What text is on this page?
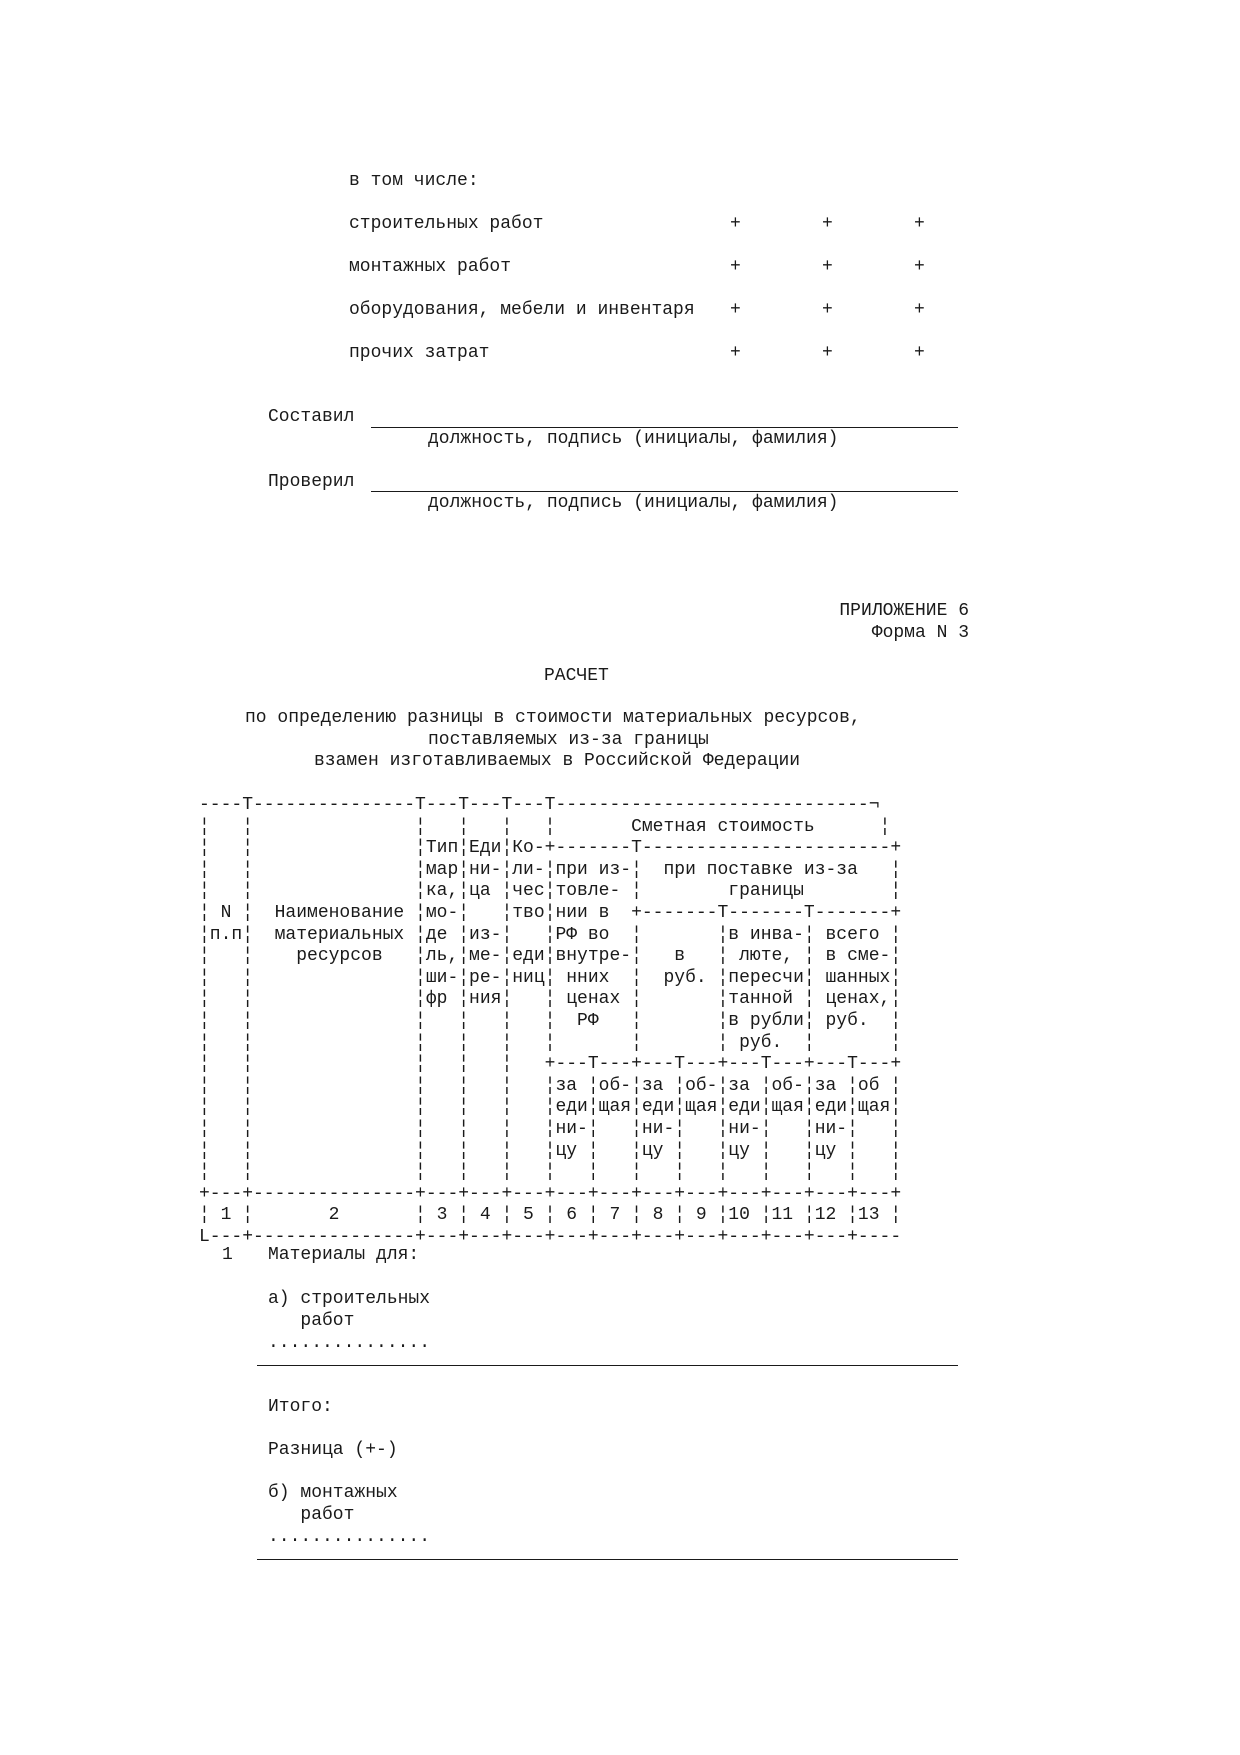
в том числе:
строительных работ	+	+	+
монтажных работ	+	+	+
оборудования, мебели и инвентаря +	+	+
прочих затрат	+	+	+
Составил
должность, подпись (инициалы, фамилия)
Проверил
должность, подпись (инициалы, фамилия)
ПРИЛОЖЕНИЕ 6
Форма N 3
РАСЧЕТ
по определению разницы в стоимости материальных ресурсов,
поставляемых из-за границы
взамен изготавливаемых в Российской Федерации
----T---------------T---T---T---T-----------------------------¬
¦   ¦               ¦   ¦   ¦   ¦       Сметная стоимость      ¦
¦   ¦               ¦Тип¦Еди¦Ко-+-------T-----------------------+
¦   ¦               ¦мар¦ни-¦ли-¦при из-¦  при поставке из-за   ¦
¦   ¦               ¦ка,¦ца ¦чес¦товле- ¦        границы        ¦
¦ N ¦  Наименование ¦мо-¦   ¦тво¦нии в  +-------T-------T-------+
¦п.п¦  материальных ¦де ¦из-¦   ¦РФ во  ¦       ¦в инва-¦ всего ¦
¦   ¦    ресурсов   ¦ль,¦ме-¦еди¦внутре-¦   в   ¦ люте, ¦ в сме-¦
¦   ¦               ¦ши-¦ре-¦ниц¦ нних  ¦  руб. ¦пересчи¦ шанных¦
¦   ¦               ¦фр ¦ния¦   ¦ ценах ¦       ¦танной ¦ ценах,¦
¦   ¦               ¦   ¦   ¦   ¦  РФ   ¦       ¦в рубли¦ руб.  ¦
¦   ¦               ¦   ¦   ¦   ¦       ¦       ¦ руб.  ¦       ¦
¦   ¦               ¦   ¦   ¦   +---T---+---T---+---T---+---T---+
¦   ¦               ¦   ¦   ¦   ¦за ¦об-¦за ¦об-¦за ¦об-¦за ¦об ¦
¦   ¦               ¦   ¦   ¦   ¦еди¦щая¦еди¦щая¦еди¦щая¦еди¦щая¦
¦   ¦               ¦   ¦   ¦   ¦ни-¦   ¦ни-¦   ¦ни-¦   ¦ни-¦   ¦
¦   ¦               ¦   ¦   ¦   ¦цу ¦   ¦цу ¦   ¦цу ¦   ¦цу ¦   ¦
¦   ¦               ¦   ¦   ¦   ¦   ¦   ¦   ¦   ¦   ¦   ¦   ¦   ¦
+---+---------------+---+---+---+---+---+---+---+---+---+---+---+
¦ 1 ¦       2       ¦ 3 ¦ 4 ¦ 5 ¦ 6 ¦ 7 ¦ 8 ¦ 9 ¦10 ¦11 ¦12 ¦13 ¦
L---+---------------+---+---+---+---+---+---+---+---+---+---+----
1 Материалы для:
а) строительных
работ
...............
Итого:
Разница (+-)
б) монтажных
работ
...............
